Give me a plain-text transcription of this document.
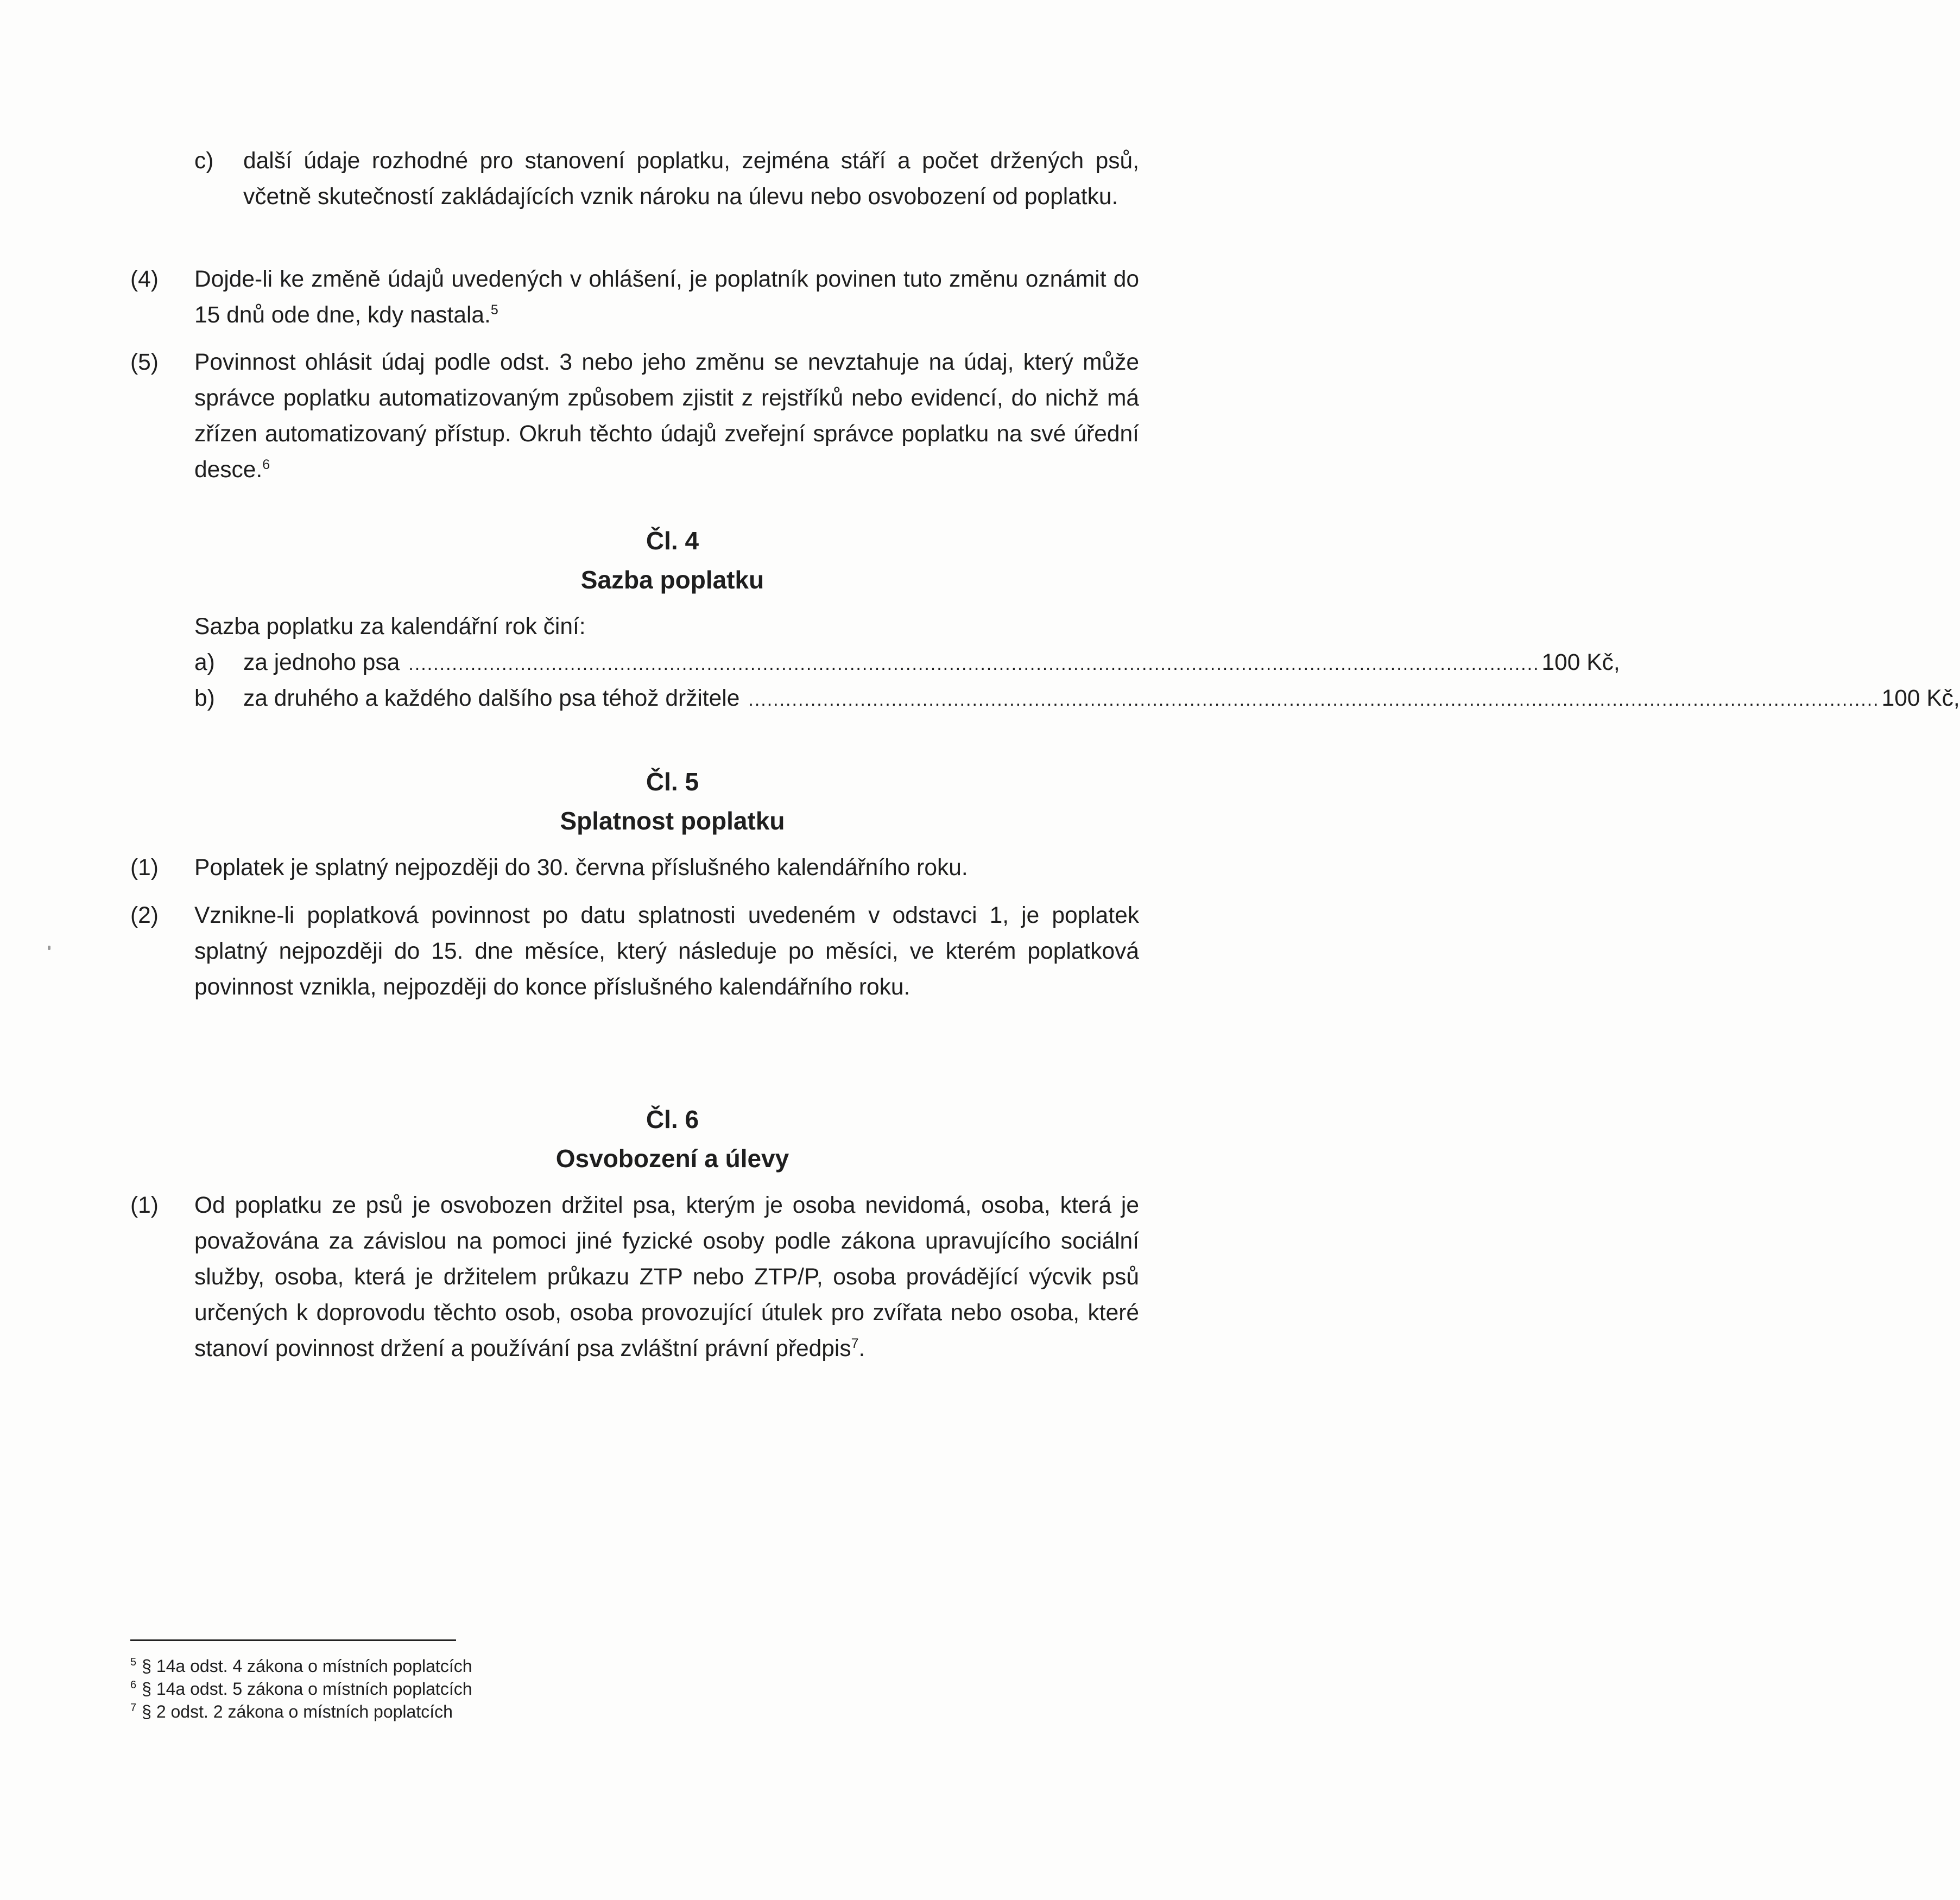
c) další údaje rozhodné pro stanovení poplatku, zejména stáří a počet držených psů, včetně skutečností zakládajících vznik nároku na úlevu nebo osvobození od poplatku.
(4) Dojde-li ke změně údajů uvedených v ohlášení, je poplatník povinen tuto změnu oznámit do 15 dnů ode dne, kdy nastala.$^5$
(5) Povinnost ohlásit údaj podle odst. 3 nebo jeho změnu se nevztahuje na údaj, který může správce poplatku automatizovaným způsobem zjistit z rejstříků nebo evidencí, do nichž má zřízen automatizovaný přístup. Okruh těchto údajů zveřejní správce poplatku na své úřední desce.$^6$
Čl. 4
Sazba poplatku
Sazba poplatku za kalendářní rok činí:
a)	za jednoho psa ...................................................................................................................................................................................... 100 Kč,
b)	za druhého a každého dalšího psa téhož držitele ...................................................................................................................................................................................... 100 Kč,
Čl. 5
Splatnost poplatku
(1) Poplatek je splatný nejpozději do 30. června příslušného kalendářního roku.
(2) Vznikne-li poplatková povinnost po datu splatnosti uvedeném v odstavci 1, je poplatek splatný nejpozději do 15. dne měsíce, který následuje po měsíci, ve kterém poplatková povinnost vznikla, nejpozději do konce příslušného kalendářního roku.
Čl. 6
Osvobození a úlevy
(1) Od poplatku ze psů je osvobozen držitel psa, kterým je osoba nevidomá, osoba, která je považována za závislou na pomoci jiné fyzické osoby podle zákona upravujícího sociální služby, osoba, která je držitelem průkazu ZTP nebo ZTP/P, osoba provádějící výcvik psů určených k doprovodu těchto osob, osoba provozující útulek pro zvířata nebo osoba, které stanoví povinnost držení a používání psa zvláštní právní předpis$^7$.
$^5$ § 14a odst. 4 zákona o místních poplatcích
$^6$ § 14a odst. 5 zákona o místních poplatcích
$^7$ § 2 odst. 2 zákona o místních poplatcích
